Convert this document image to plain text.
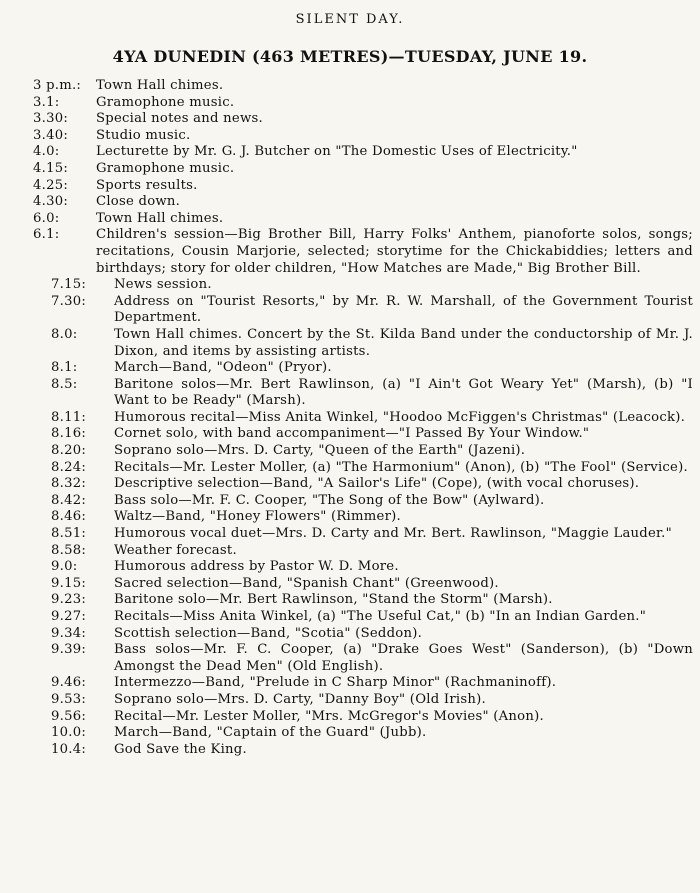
SILENT DAY.
4YA DUNEDIN (463 METRES)—TUESDAY, JUNE 19.
3 p.m.:	Town Hall chimes.
3.1:	Gramophone music.
3.30:	Special notes and news.
3.40:	Studio music.
4.0:	Lecturette by Mr. G. J. Butcher on "The Domestic Uses of Electricity."
4.15:	Gramophone music.
4.25:	Sports results.
4.30:	Close down.
6.0:	Town Hall chimes.
6.1:	Children's session—Big Brother Bill, Harry Folks' Anthem, pianoforte solos, songs; recitations, Cousin Marjorie, selected; storytime for the Chickabiddies; letters and birthdays; story for older children, "How Matches are Made," Big Brother Bill.
7.15:	News session.
7.30:	Address on "Tourist Resorts," by Mr. R. W. Marshall, of the Government Tourist Department.
8.0:	Town Hall chimes. Concert by the St. Kilda Band under the conductorship of Mr. J. Dixon, and items by assisting artists.
8.1:	March—Band, "Odeon" (Pryor).
8.5:	Baritone solos—Mr. Bert Rawlinson, (a) "I Ain't Got Weary Yet" (Marsh), (b) "I Want to be Ready" (Marsh).
8.11:	Humorous recital—Miss Anita Winkel, "Hoodoo McFiggen's Christmas" (Leacock).
8.16:	Cornet solo, with band accompaniment—"I Passed By Your Window."
8.20:	Soprano solo—Mrs. D. Carty, "Queen of the Earth" (Jazeni).
8.24:	Recitals—Mr. Lester Moller, (a) "The Harmonium" (Anon), (b) "The Fool" (Service).
8.32:	Descriptive selection—Band, "A Sailor's Life" (Cope), (with vocal choruses).
8.42:	Bass solo—Mr. F. C. Cooper, "The Song of the Bow" (Aylward).
8.46:	Waltz—Band, "Honey Flowers" (Rimmer).
8.51:	Humorous vocal duet—Mrs. D. Carty and Mr. Bert. Rawlinson, "Maggie Lauder."
8.58:	Weather forecast.
9.0:	Humorous address by Pastor W. D. More.
9.15:	Sacred selection—Band, "Spanish Chant" (Greenwood).
9.23:	Baritone solo—Mr. Bert Rawlinson, "Stand the Storm" (Marsh).
9.27:	Recitals—Miss Anita Winkel, (a) "The Useful Cat," (b) "In an Indian Garden."
9.34:	Scottish selection—Band, "Scotia" (Seddon).
9.39:	Bass solos—Mr. F. C. Cooper, (a) "Drake Goes West" (Sanderson), (b) "Down Amongst the Dead Men" (Old English).
9.46:	Intermezzo—Band, "Prelude in C Sharp Minor" (Rachmaninoff).
9.53:	Soprano solo—Mrs. D. Carty, "Danny Boy" (Old Irish).
9.56:	Recital—Mr. Lester Moller, "Mrs. McGregor's Movies" (Anon).
10.0:	March—Band, "Captain of the Guard" (Jubb).
10.4:	God Save the King.
